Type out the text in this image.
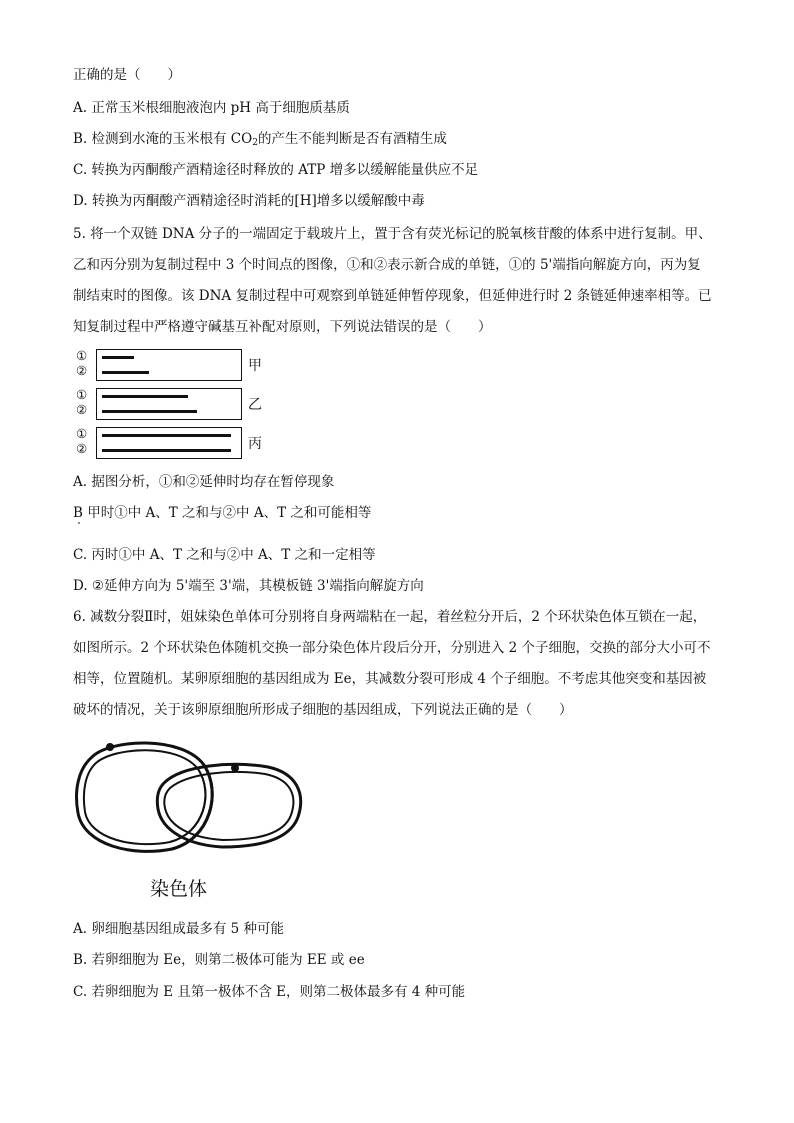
正确的是（　　）
A. 正常玉米根细胞液泡内 pH 高于细胞质基质
B. 检测到水淹的玉米根有 $CO_2$的产生不能判断是否有酒精生成
C. 转换为丙酮酸产酒精途径时释放的 ATP 增多以缓解能量供应不足
D. 转换为丙酮酸产酒精途径时消耗的[H]增多以缓解酸中毒
5. 将一个双链 DNA 分子的一端固定于载玻片上，置于含有荧光标记的脱氧核苷酸的体系中进行复制。甲、
乙和丙分别为复制过程中 3 个时间点的图像，①和②表示新合成的单链，①的 5'端指向解旋方向，丙为复
制结束时的图像。该 DNA 复制过程中可观察到单链延伸暂停现象，但延伸进行时 2 条链延伸速率相等。已
知复制过程中严格遵守碱基互补配对原则，下列说法错误的是（　　）
①
②	甲
①
②	乙
①
②	丙
A. 据图分析，①和②延伸时均存在暂停现象
B 甲时①中 A、T 之和与②中 A、T 之和可能相等
C. 丙时①中 A、T 之和与②中 A、T 之和一定相等
D. ②延伸方向为 5'端至 3'端，其模板链 3'端指向解旋方向
6. 减数分裂Ⅱ时，姐妹染色单体可分别将自身两端粘在一起，着丝粒分开后，2 个环状染色体互锁在一起，
如图所示。2 个环状染色体随机交换一部分染色体片段后分开，分别进入 2 个子细胞，交换的部分大小可不
相等，位置随机。某卵原细胞的基因组成为 Ee，其减数分裂可形成 4 个子细胞。不考虑其他突变和基因被
破坏的情况，关于该卵原细胞所形成子细胞的基因组成，下列说法正确的是（　　）
染色体
A. 卵细胞基因组成最多有 5 种可能
B. 若卵细胞为 Ee，则第二极体可能为 EE 或 ee
C. 若卵细胞为 E 且第一极体不含 E，则第二极体最多有 4 种可能
